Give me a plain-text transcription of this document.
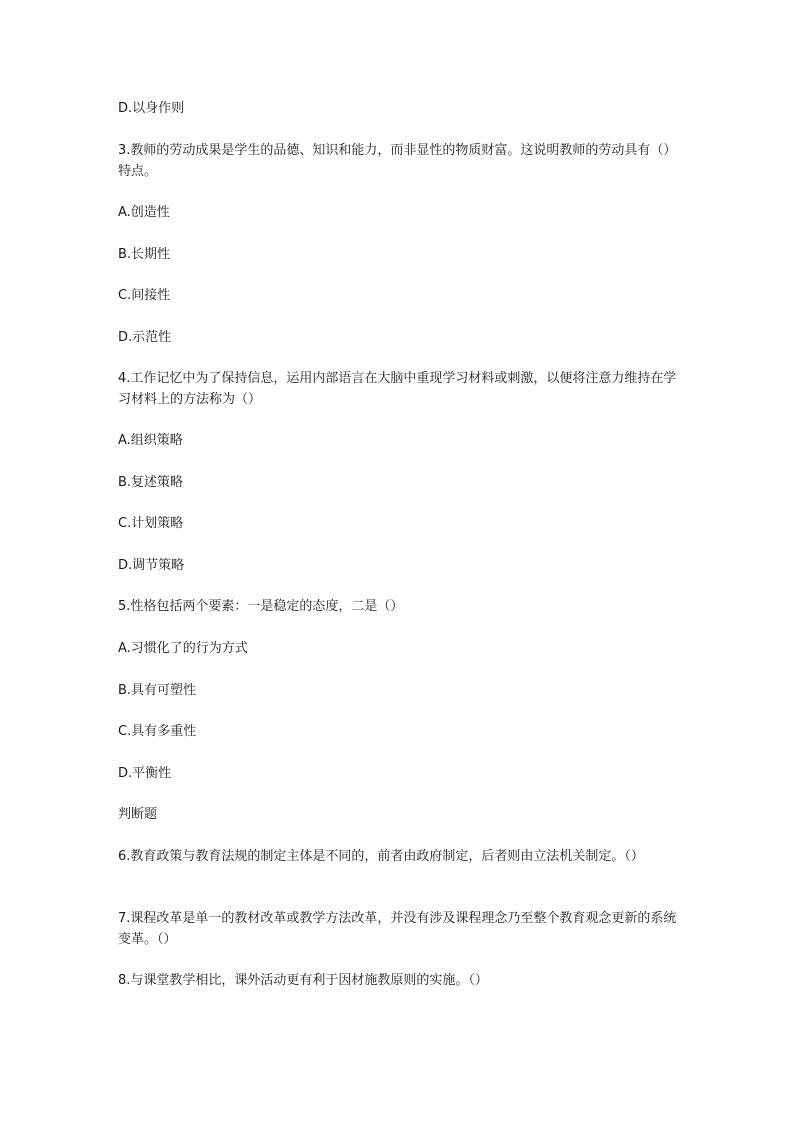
D.以身作则
3.教师的劳动成果是学生的品德、知识和能力，而非显性的物质财富。这说明教师的劳动具有（）特点。
A.创造性
B.长期性
C.间接性
D.示范性
4.工作记忆中为了保持信息，运用内部语言在大脑中重现学习材料或刺激，以便将注意力维持在学习材料上的方法称为（）
A.组织策略
B.复述策略
C.计划策略
D.调节策略
5.性格包括两个要素：一是稳定的态度，二是（）
A.习惯化了的行为方式
B.具有可塑性
C.具有多重性
D.平衡性
判断题
6.教育政策与教育法规的制定主体是不同的，前者由政府制定，后者则由立法机关制定。（）
7.课程改革是单一的教材改革或教学方法改革，并没有涉及课程理念乃至整个教育观念更新的系统变革。（）
8.与课堂教学相比，课外活动更有利于因材施教原则的实施。（）
